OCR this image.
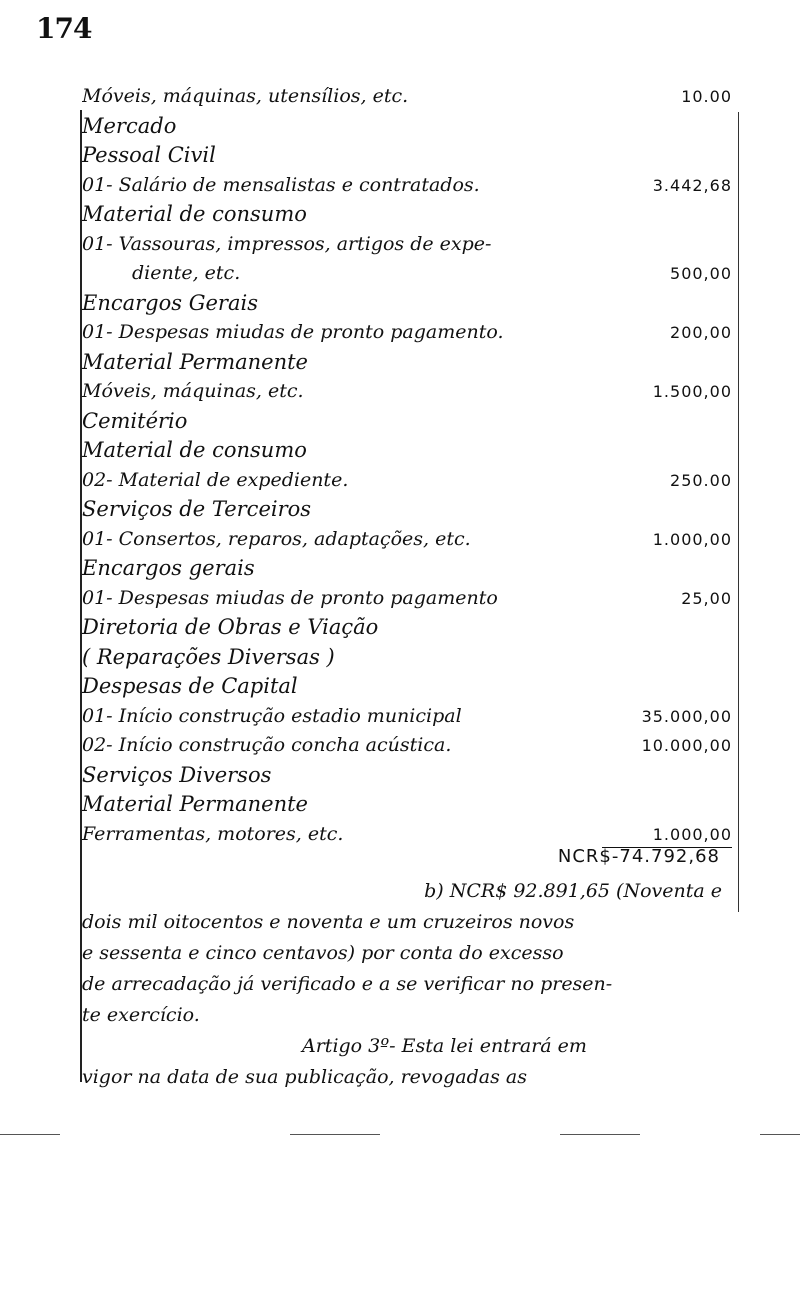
174
Móveis, máquinas, utensílios, etc.	10.00
Mercado
Pessoal Civil
01- Salário de mensalistas e contratados.	3.442,68
Material de consumo
01- Vassouras, impressos, artigos de expe-
diente, etc.	500,00
Encargos Gerais
01- Despesas miudas de pronto pagamento.	200,00
Material Permanente
Móveis, máquinas, etc.	1.500,00
Cemitério
Material de consumo
02- Material de expediente.	250.00
Serviços de Terceiros
01- Consertos, reparos, adaptações, etc.	1.000,00
Encargos gerais
01- Despesas miudas de pronto pagamento	25,00
Diretoria de Obras e Viação
( Reparações Diversas )
Despesas de Capital
01- Início construção estadio municipal	35.000,00
02- Início construção concha acústica.	10.000,00
Serviços Diversos
Material Permanente
Ferramentas, motores, etc.	1.000,00
NCR$-74.792,68
b) NCR$ 92.891,65 (Noventa e
dois mil oitocentos e noventa e um cruzeiros novos
e sessenta e cinco centavos) por conta do excesso
de arrecadação já verificado e a se verificar no presen-
te exercício.
Artigo 3º- Esta lei entrará em
vigor na data de sua publicação, revogadas as
